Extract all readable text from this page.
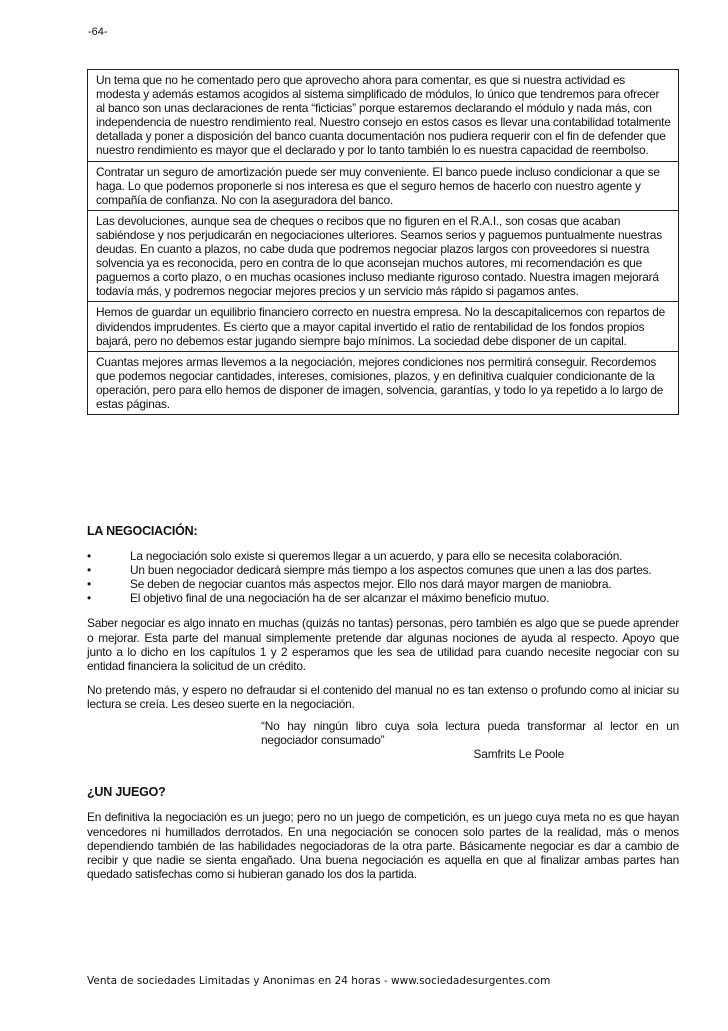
-64-
Un tema que no he comentado pero que aprovecho ahora para comentar, es que si nuestra actividad es modesta y además estamos acogidos al sistema simplificado de módulos, lo único que tendremos para ofrecer al banco son unas declaraciones de renta “ficticias” porque estaremos declarando el módulo y nada más, con independencia de nuestro rendimiento real. Nuestro consejo en estos casos es llevar una contabilidad totalmente detallada y poner a disposición del banco cuanta documentación nos pudiera requerir con el fin de defender que nuestro rendimiento es mayor que el declarado y por lo tanto también lo es nuestra capacidad de reembolso.
Contratar un seguro de amortización puede ser muy conveniente. El banco puede incluso condicionar a que se haga. Lo que podemos proponerle si nos interesa es que el seguro hemos de hacerlo con nuestro agente y compañía de confianza. No con la aseguradora del banco.
Las devoluciones, aunque sea de cheques o recibos que no figuren en el R.A.I., son cosas que acaban sabiéndose y nos perjudicarán en negociaciones ulteriores. Seamos serios y paguemos puntualmente nuestras deudas. En cuanto a plazos, no cabe duda que podremos negociar plazos largos con proveedores si nuestra solvencia ya es reconocida, pero en contra de lo que aconsejan muchos autores, mi recomendación es que paguemos a corto plazo, o en muchas ocasiones incluso mediante riguroso contado. Nuestra imagen mejorará todavía más, y podremos negociar mejores precios y un servicio más rápido si pagamos antes.
Hemos de guardar un equilibrio financiero correcto en nuestra empresa. No la descapitalicemos con repartos de dividendos imprudentes. Es cierto que a mayor capital invertido el ratio de rentabilidad de los fondos propios bajará, pero no debemos estar jugando siempre bajo mínimos. La sociedad debe disponer de un capital.
Cuantas mejores armas llevemos a la negociación, mejores condiciones nos permitirá conseguir. Recordemos que podemos negociar cantidades, intereses, comisiones, plazos, y en definitiva cualquier condicionante de la operación, pero para ello hemos de disponer de imagen, solvencia, garantías, y todo lo ya repetido a lo largo de estas páginas.
LA NEGOCIACIÓN:
•	La negociación solo existe si queremos llegar a un acuerdo, y para ello se necesita colaboración.
•	Un buen negociador dedicará siempre más tiempo a los aspectos comunes que unen a las dos partes.
•	Se deben de negociar cuantos más aspectos mejor. Ello nos dará mayor margen de maniobra.
•	El objetivo final de una negociación ha de ser alcanzar el máximo beneficio mutuo.

Saber negociar es algo innato en muchas (quizás no tantas) personas, pero también es algo que se puede aprender o mejorar. Esta parte del manual simplemente pretende dar algunas nociones de ayuda al respecto. Apoyo que junto a lo dicho en los capítulos 1 y 2 esperamos que les sea de utilidad para cuando necesite negociar con su entidad financiera la solicitud de un crédito.

No pretendo más, y espero no defraudar si el contenido del manual no es tan extenso o profundo como al iniciar su lectura se creía. Les deseo suerte en la negociación.

“No hay ningún libro cuya sola lectura pueda transformar al lector en un negociador consumado”
Samfrits Le Poole
¿UN JUEGO?

En definitiva la negociación es un juego; pero no un juego de competición, es un juego cuya meta no es que hayan vencedores ni humillados derrotados. En una negociación se conocen solo partes de la realidad, más o menos dependiendo también de las habilidades negociadoras de la otra parte. Básicamente negociar es dar a cambio de recibir y que nadie se sienta engañado. Una buena negociación es aquella en que al finalizar ambas partes han quedado satisfechas como si hubieran ganado los dos la partida.

Venta de sociedades Limitadas y Anonimas en 24 horas - www.sociedadesurgentes.com
